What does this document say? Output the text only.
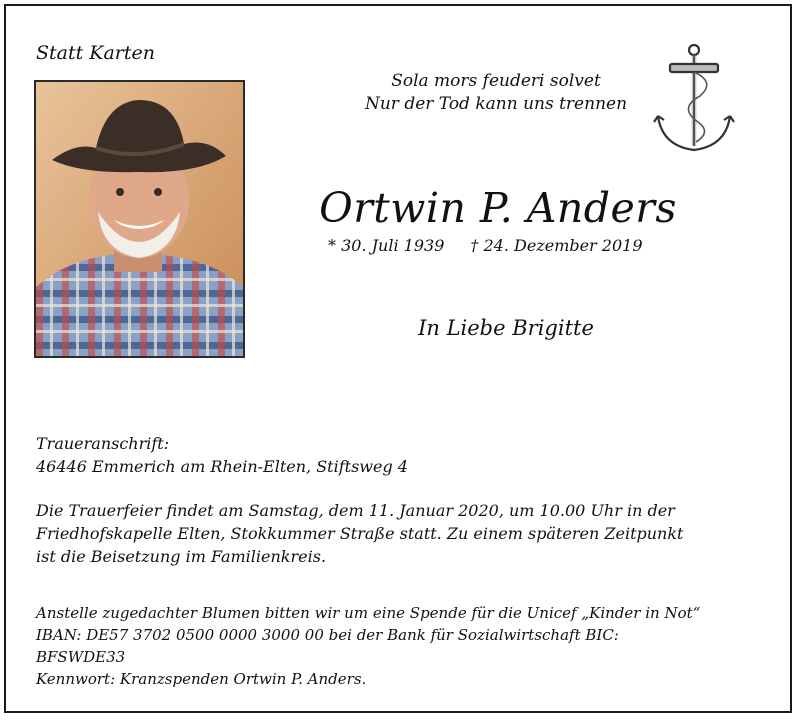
Statt Karten
Sola mors feuderi solvet
Nur der Tod kann uns trennen
Ortwin P. Anders
* 30. Juli 1939 † 24. Dezember 2019
In Liebe Brigitte
Traueranschrift:
46446 Emmerich am Rhein-Elten, Stiftsweg 4
Die Trauerfeier findet am Samstag, dem 11. Januar 2020, um 10.00 Uhr in der
Friedhofskapelle Elten, Stokkummer Straße statt. Zu einem späteren Zeitpunkt
ist die Beisetzung im Familienkreis.
Anstelle zugedachter Blumen bitten wir um eine Spende für die Unicef „Kinder in Not“
IBAN: DE57 3702 0500 0000 3000 00 bei der Bank für Sozialwirtschaft BIC:
BFSWDE33
Kennwort: Kranzspenden Ortwin P. Anders.
